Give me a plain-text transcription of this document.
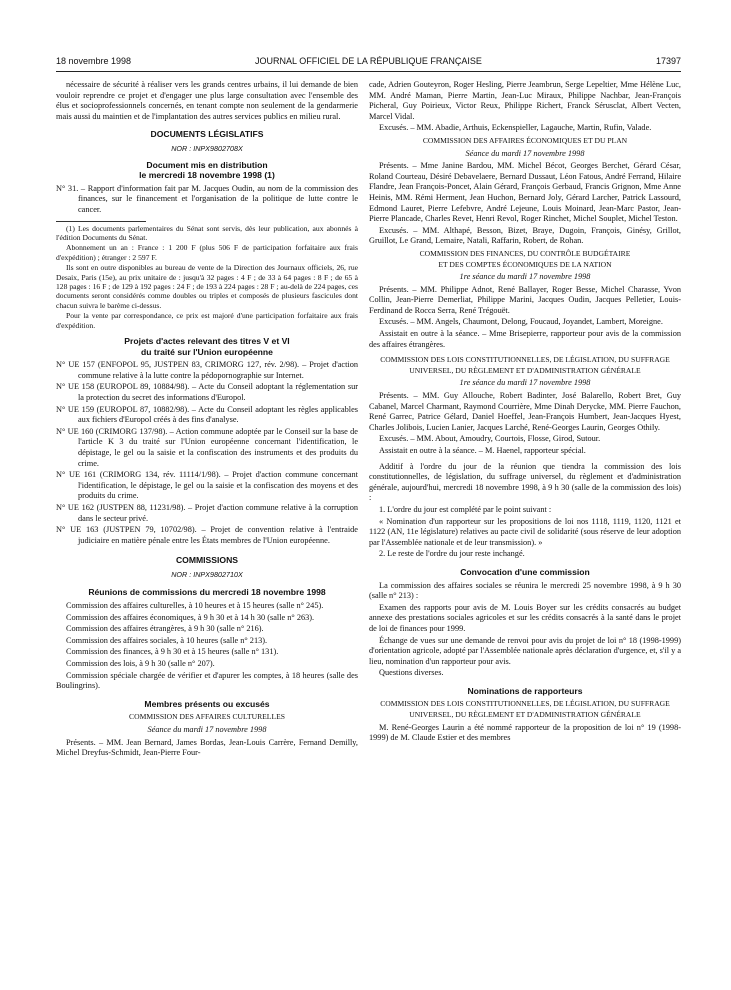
18 novembre 1998	JOURNAL OFFICIEL DE LA RÉPUBLIQUE FRANÇAISE	17397

nécessaire de sécurité à réaliser vers les grands centres urbains, il lui demande de bien vouloir reprendre ce projet et d'engager une plus large consultation avec l'ensemble des élus et socioprofessionnels concernés, en tenant compte non seulement de la gendarmerie mais aussi du maintien et de l'implantation des autres services publics en milieu rural.

DOCUMENTS LÉGISLATIFS
NOR : INPX9802708X
Document mis en distribution
le mercredi 18 novembre 1998 (1)

N° 31. – Rapport d'information fait par M. Jacques Oudin, au nom de la commission des finances, sur le financement et l'organisation de la politique de lutte contre le cancer.

(1) Les documents parlementaires du Sénat sont servis, dès leur publication, aux abonnés à l'édition Documents du Sénat.

Abonnement un an : France : 1 200 F (plus 506 F de participation forfaitaire aux frais d'expédition) ; étranger : 2 597 F.

Ils sont en outre disponibles au bureau de vente de la Direction des Journaux officiels, 26, rue Desaix, Paris (15e), au prix unitaire de : jusqu'à 32 pages : 4 F ; de 33 à 64 pages : 8 F ; de 65 à 128 pages : 16 F ; de 129 à 192 pages : 24 F ; de 193 à 224 pages : 28 F ; au-delà de 224 pages, ces documents seront considérés comme doubles ou triples et composés de plusieurs fascicules dont chacun suivra le barème ci-dessus.

Pour la vente par correspondance, ce prix est majoré d'une participation forfaitaire aux frais d'expédition.

Projets d'actes relevant des titres V et VI
du traité sur l'Union européenne

N° UE 157 (ENFOPOL 95, JUSTPEN 83, CRIMORG 127, rév. 2/98). – Projet d'action commune relative à la lutte contre la pédopornographie sur Internet.

N° UE 158 (EUROPOL 89, 10884/98). – Acte du Conseil adoptant la réglementation sur la protection du secret des informations d'Europol.

N° UE 159 (EUROPOL 87, 10882/98). – Acte du Conseil adoptant les règles applicables aux fichiers d'Europol créés à des fins d'analyse.

N° UE 160 (CRIMORG 137/98). – Action commune adoptée par le Conseil sur la base de l'article K 3 du traité sur l'Union européenne concernant l'identification, le dépistage, le gel ou la saisie et la confiscation des instruments et des produits du crime.

N° UE 161 (CRIMORG 134, rév. 11114/1/98). – Projet d'action commune concernant l'identification, le dépistage, le gel ou la saisie et la confiscation des moyens et des produits du crime.

N° UE 162 (JUSTPEN 88, 11231/98). – Projet d'action commune relative à la corruption dans le secteur privé.

N° UE 163 (JUSTPEN 79, 10702/98). – Projet de convention relative à l'entraide judiciaire en matière pénale entre les États membres de l'Union européenne.

COMMISSIONS
NOR : INPX9802710X
Réunions de commissions du mercredi 18 novembre 1998

Commission des affaires culturelles, à 10 heures et à 15 heures (salle n° 245).

Commission des affaires économiques, à 9 h 30 et à 14 h 30 (salle n° 263).

Commission des affaires étrangères, à 9 h 30 (salle n° 216).

Commission des affaires sociales, à 10 heures (salle n° 213).

Commission des finances, à 9 h 30 et à 15 heures (salle n° 131).

Commission des lois, à 9 h 30 (salle n° 207).

Commission spéciale chargée de vérifier et d'apurer les comptes, à 18 heures (salle des Boulingrins).

Membres présents ou excusés
COMMISSION DES AFFAIRES CULTURELLES
Séance du mardi 17 novembre 1998

Présents. – MM. Jean Bernard, James Bordas, Jean-Louis Carrère, Fernand Demilly, Michel Dreyfus-Schmidt, Jean-Pierre Four-

cade, Adrien Gouteyron, Roger Hesling, Pierre Jeambrun, Serge Lepeltier, Mme Hélène Luc, MM. André Maman, Pierre Martin, Jean-Luc Miraux, Philippe Nachbar, Jean-François Picheral, Guy Poirieux, Victor Reux, Philippe Richert, Franck Sérusclat, Albert Vecten, Marcel Vidal.

Excusés. – MM. Abadie, Arthuis, Eckenspieller, Lagauche, Martin, Rufin, Valade.

COMMISSION DES AFFAIRES ÉCONOMIQUES ET DU PLAN
Séance du mardi 17 novembre 1998

Présents. – Mme Janine Bardou, MM. Michel Bécot, Georges Berchet, Gérard César, Roland Courteau, Désiré Debavelaere, Bernard Dussaut, Léon Fatous, André Ferrand, Hilaire Flandre, Jean François-Poncet, Alain Gérard, François Gerbaud, Francis Grignon, Mme Anne Heinis, MM. Rémi Herment, Jean Huchon, Bernard Joly, Gérard Larcher, Patrick Lassourd, Edmond Lauret, Pierre Lefebvre, André Lejeune, Louis Moinard, Jean-Marc Pastor, Jean-Pierre Plancade, Charles Revet, Henri Revol, Roger Rinchet, Michel Souplet, Michel Teston.

Excusés. – MM. Althapé, Besson, Bizet, Braye, Dugoin, François, Ginésy, Grillot, Gruillot, Le Grand, Lemaire, Natali, Raffarin, Robert, de Rohan.

COMMISSION DES FINANCES, DU CONTRÔLE BUDGÉTAIRE
ET DES COMPTES ÉCONOMIQUES DE LA NATION
1re séance du mardi 17 novembre 1998

Présents. – MM. Philippe Adnot, René Ballayer, Roger Besse, Michel Charasse, Yvon Collin, Jean-Pierre Demerliat, Philippe Marini, Jacques Oudin, Jacques Pelletier, Louis-Ferdinand de Rocca Serra, René Trégouët.

Excusés. – MM. Angels, Chaumont, Delong, Foucaud, Joyandet, Lambert, Moreigne.

Assistait en outre à la séance. – Mme Brisepierre, rapporteur pour avis de la commission des affaires étrangères.

COMMISSION DES LOIS CONSTITUTIONNELLES, DE LÉGISLATION, DU SUFFRAGE UNIVERSEL, DU RÈGLEMENT ET D'ADMINISTRATION GÉNÉRALE
1re séance du mardi 17 novembre 1998

Présents. – MM. Guy Allouche, Robert Badinter, José Balarello, Robert Bret, Guy Cabanel, Marcel Charmant, Raymond Courrière, Mme Dinah Derycke, MM. Pierre Fauchon, René Garrec, Patrice Gélard, Daniel Hoeffel, Jean-François Humbert, Jean-Jacques Hyest, Charles Jolibois, Lucien Lanier, Jacques Larché, René-Georges Laurin, Georges Othily.

Excusés. – MM. About, Amoudry, Courtois, Flosse, Girod, Sutour.

Assistait en outre à la séance. – M. Haenel, rapporteur spécial.

Additif à l'ordre du jour de la réunion que tiendra la commission des lois constitutionnelles, de législation, du suffrage universel, du règlement et d'administration générale, aujourd'hui, mercredi 18 novembre 1998, à 9 h 30 (salle de la commission des lois) :

1. L'ordre du jour est complété par le point suivant :

« Nomination d'un rapporteur sur les propositions de loi nos 1118, 1119, 1120, 1121 et 1122 (AN, 11e législature) relatives au pacte civil de solidarité (sous réserve de leur adoption par l'Assemblée nationale et de leur transmission). »

2. Le reste de l'ordre du jour reste inchangé.

Convocation d'une commission

La commission des affaires sociales se réunira le mercredi 25 novembre 1998, à 9 h 30 (salle n° 213) :

Examen des rapports pour avis de M. Louis Boyer sur les crédits consacrés au budget annexe des prestations sociales agricoles et sur les crédits consacrés à la santé dans le projet de loi de finances pour 1999.

Échange de vues sur une demande de renvoi pour avis du projet de loi n° 18 (1998-1999) d'orientation agricole, adopté par l'Assemblée nationale après déclaration d'urgence, et, s'il y a lieu, nomination d'un rapporteur pour avis.

Questions diverses.

Nominations de rapporteurs
COMMISSION DES LOIS CONSTITUTIONNELLES, DE LÉGISLATION, DU SUFFRAGE UNIVERSEL, DU RÈGLEMENT ET D'ADMINISTRATION GÉNÉRALE

M. René-Georges Laurin a été nommé rapporteur de la proposition de loi n° 19 (1998-1999) de M. Claude Estier et des membres
